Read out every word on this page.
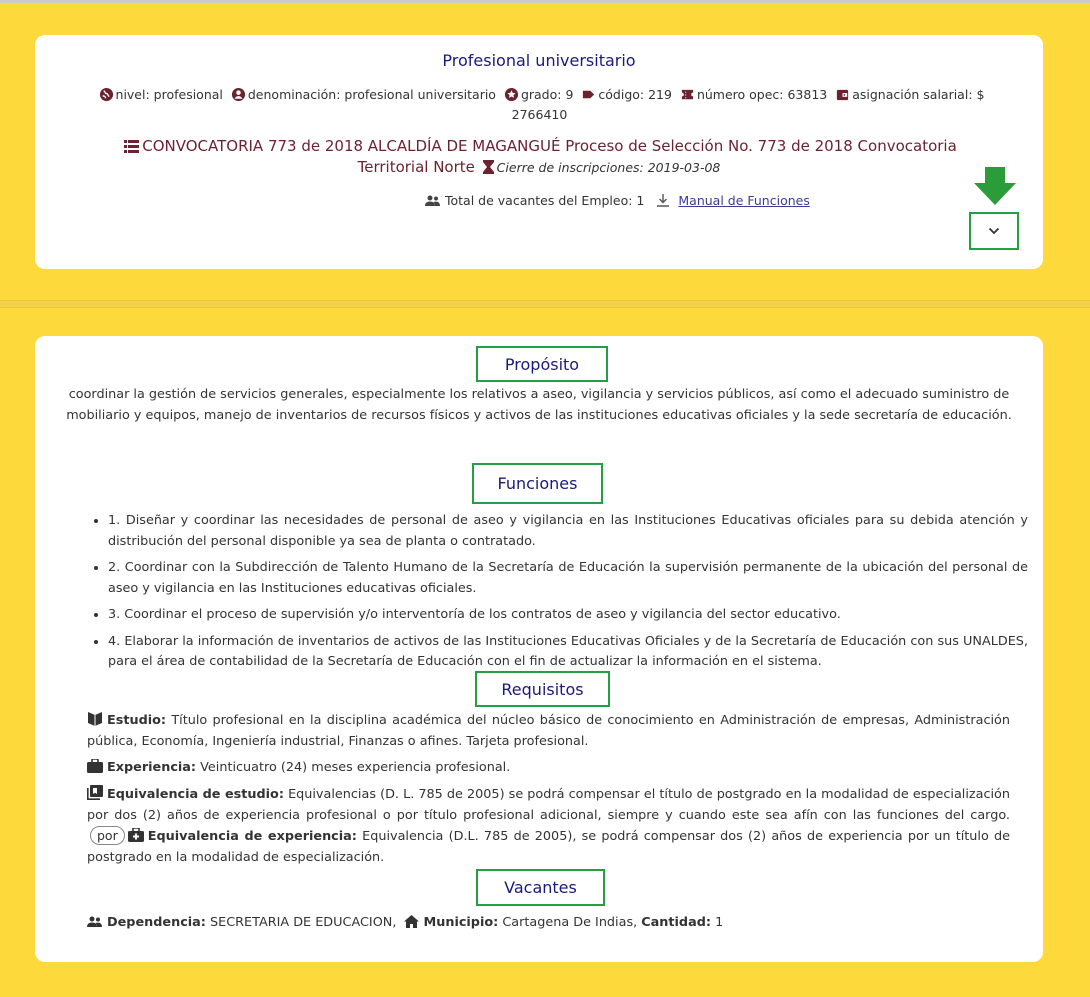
Profesional universitario
nivel: profesional denominación: profesional universitario grado: 9 código: 219 número opec: 63813 asignación salarial: $ 2766410
CONVOCATORIA 773 de 2018 ALCALDÍA DE MAGANGUÉ Proceso de Selección No. 773 de 2018 Convocatoria Territorial Norte Cierre de inscripciones: 2019-03-08
Total de vacantes del Empleo: 1	Manual de Funciones
Propósito
coordinar la gestión de servicios generales, especialmente los relativos a aseo, vigilancia y servicios públicos, así como el adecuado suministro de mobiliario y equipos, manejo de inventarios de recursos físicos y activos de las instituciones educativas oficiales y la sede secretaría de educación.
Funciones
• 1. Diseñar y coordinar las necesidades de personal de aseo y vigilancia en las Instituciones Educativas oficiales para su debida atención y distribución del personal disponible ya sea de planta o contratado.
• 2. Coordinar con la Subdirección de Talento Humano de la Secretaría de Educación la supervisión permanente de la ubicación del personal de aseo y vigilancia en las Instituciones educativas oficiales.
• 3. Coordinar el proceso de supervisión y/o interventoría de los contratos de aseo y vigilancia del sector educativo.
• 4. Elaborar la información de inventarios de activos de las Instituciones Educativas Oficiales y de la Secretaría de Educación con sus UNALDES, para el área de contabilidad de la Secretaría de Educación con el fin de actualizar la información en el sistema.
Requisitos
Estudio: Título profesional en la disciplina académica del núcleo básico de conocimiento en Administración de empresas, Administración pública, Economía, Ingeniería industrial, Finanzas o afines. Tarjeta profesional.
Experiencia: Veinticuatro (24) meses experiencia profesional.
Equivalencia de estudio: Equivalencias (D. L. 785 de 2005) se podrá compensar el título de postgrado en la modalidad de especialización por dos (2) años de experiencia profesional o por título profesional adicional, siempre y cuando este sea afín con las funciones del cargo. por Equivalencia de experiencia: Equivalencia (D.L. 785 de 2005), se podrá compensar dos (2) años de experiencia por un título de postgrado en la modalidad de especialización.
Vacantes
Dependencia: SECRETARIA DE EDUCACION, Municipio: Cartagena De Indias, Cantidad: 1
